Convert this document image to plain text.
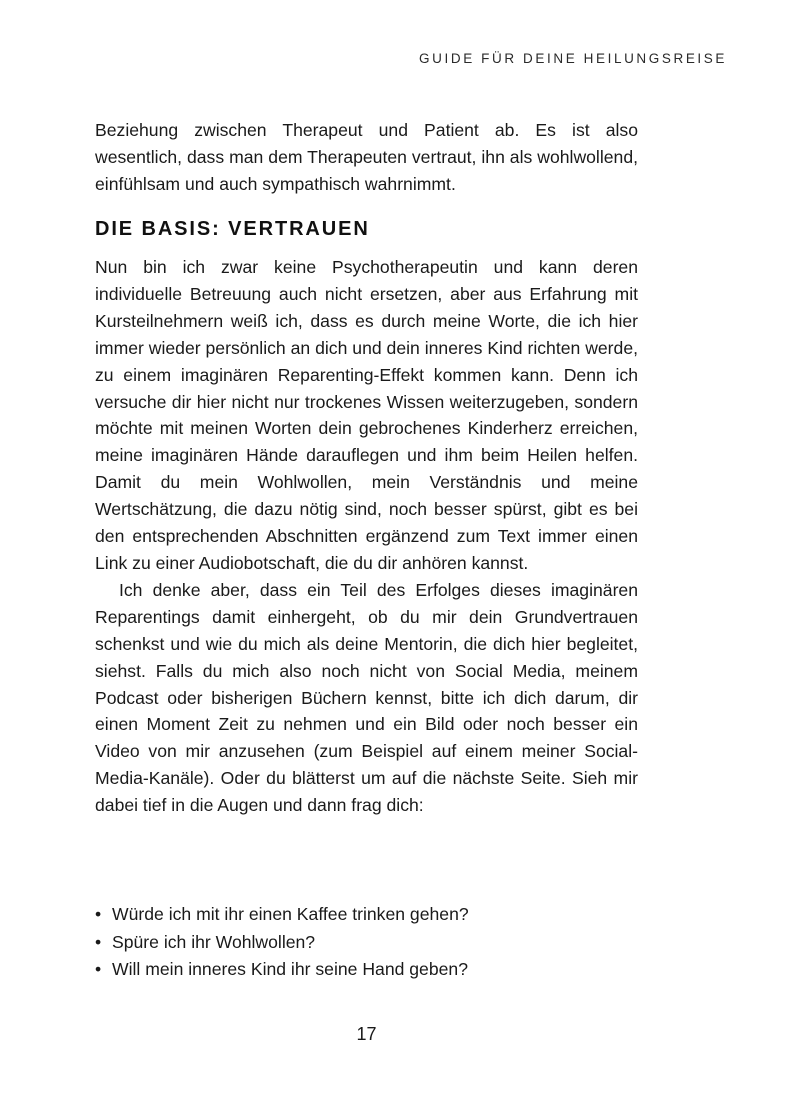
GUIDE FÜR DEINE HEILUNGSREISE
Beziehung zwischen Therapeut und Patient ab. Es ist also wesentlich, dass man dem Therapeuten vertraut, ihn als wohlwollend, einfühlsam und auch sympathisch wahrnimmt.
DIE BASIS: VERTRAUEN

Nun bin ich zwar keine Psychotherapeutin und kann deren individuelle Betreuung auch nicht ersetzen, aber aus Erfahrung mit Kursteilnehmern weiß ich, dass es durch meine Worte, die ich hier immer wieder persönlich an dich und dein inneres Kind richten werde, zu einem imaginären Reparenting-Effekt kommen kann. Denn ich versuche dir hier nicht nur trockenes Wissen weiterzugeben, sondern möchte mit meinen Worten dein gebrochenes Kinderherz erreichen, meine imaginären Hände darauflegen und ihm beim Heilen helfen. Damit du mein Wohlwollen, mein Verständnis und meine Wertschätzung, die dazu nötig sind, noch besser spürst, gibt es bei den entsprechenden Abschnitten ergänzend zum Text immer einen Link zu einer Audiobotschaft, die du dir anhören kannst.

Ich denke aber, dass ein Teil des Erfolges dieses imaginären Reparentings damit einhergeht, ob du mir dein Grundvertrauen schenkst und wie du mich als deine Mentorin, die dich hier begleitet, siehst. Falls du mich also noch nicht von Social Media, meinem Podcast oder bisherigen Büchern kennst, bitte ich dich darum, dir einen Moment Zeit zu nehmen und ein Bild oder noch besser ein Video von mir anzusehen (zum Beispiel auf einem meiner Social-Media-Kanäle). Oder du blätterst um auf die nächste Seite. Sieh mir dabei tief in die Augen und dann frag dich:

• Würde ich mit ihr einen Kaffee trinken gehen?
• Spüre ich ihr Wohlwollen?
• Will mein inneres Kind ihr seine Hand geben?
17
